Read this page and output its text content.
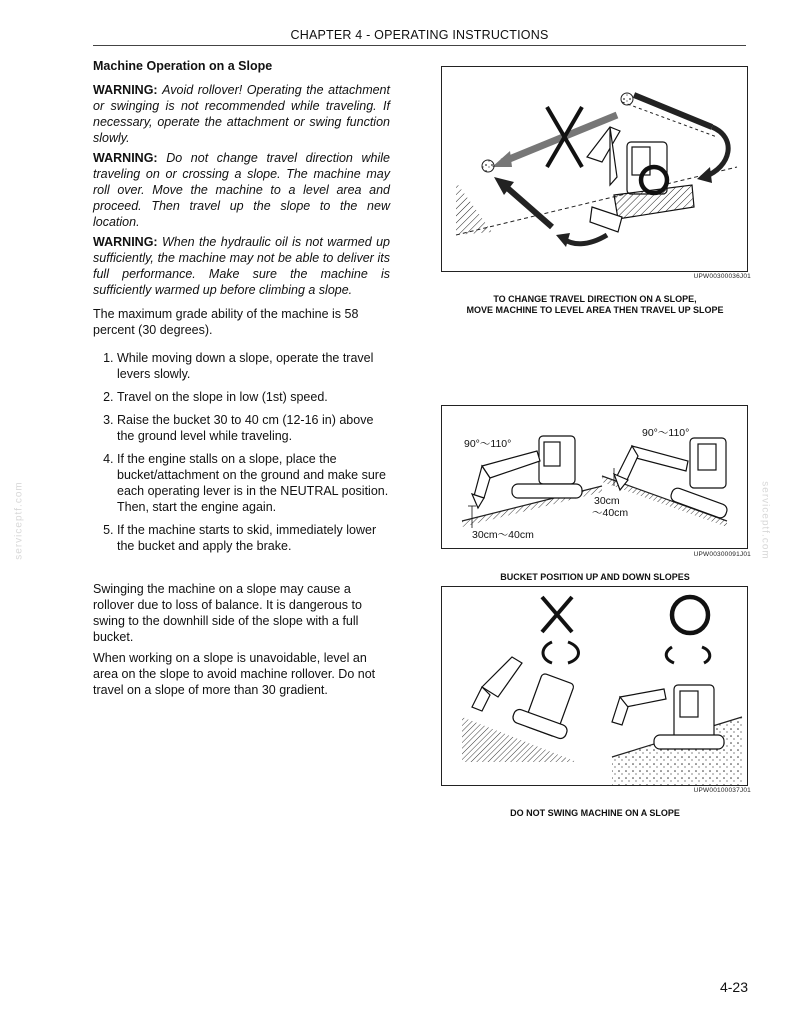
CHAPTER 4 - OPERATING INSTRUCTIONS
Machine Operation on a Slope

WARNING: Avoid rollover! Operating the attachment or swinging is not recommended while traveling. If necessary, operate the attachment or swing function slowly.

WARNING: Do not change travel direction while traveling on or crossing a slope. The machine may roll over. Move the machine to a level area and proceed. Then travel up the slope to the new location.

WARNING: When the hydraulic oil is not warmed up sufficiently, the machine may not be able to deliver its full performance. Make sure the machine is sufficiently warmed up before climbing a slope.

The maximum grade ability of the machine is 58 percent (30 degrees).

1. While moving down a slope, operate the travel levers slowly.
2. Travel on the slope in low (1st) speed.
3. Raise the bucket 30 to 40 cm (12-16 in) above the ground level while traveling.
4. If the engine stalls on a slope, place the bucket/attachment on the ground and make sure each operating lever is in the NEUTRAL position. Then, start the engine again.
5. If the machine starts to skid, immediately lower the bucket and apply the brake.

Swinging the machine on a slope may cause a rollover due to loss of balance. It is dangerous to swing to the downhill side of the slope with a full bucket.

When working on a slope is unavoidable, level an area on the slope to avoid machine rollover. Do not travel on a slope of more than 30 gradient.

UPW00300036J01
TO CHANGE TRAVEL DIRECTION ON A SLOPE,
MOVE MACHINE TO LEVEL AREA THEN TRAVEL UP SLOPE
90°～110°
90°～110°
30cm～40cm
30cm
～40cm
UPW00300091J01
BUCKET POSITION UP AND DOWN SLOPES
UPW00100037J01
DO NOT SWING MACHINE ON A SLOPE
serviceptf.com	serviceptf.com
4-23
